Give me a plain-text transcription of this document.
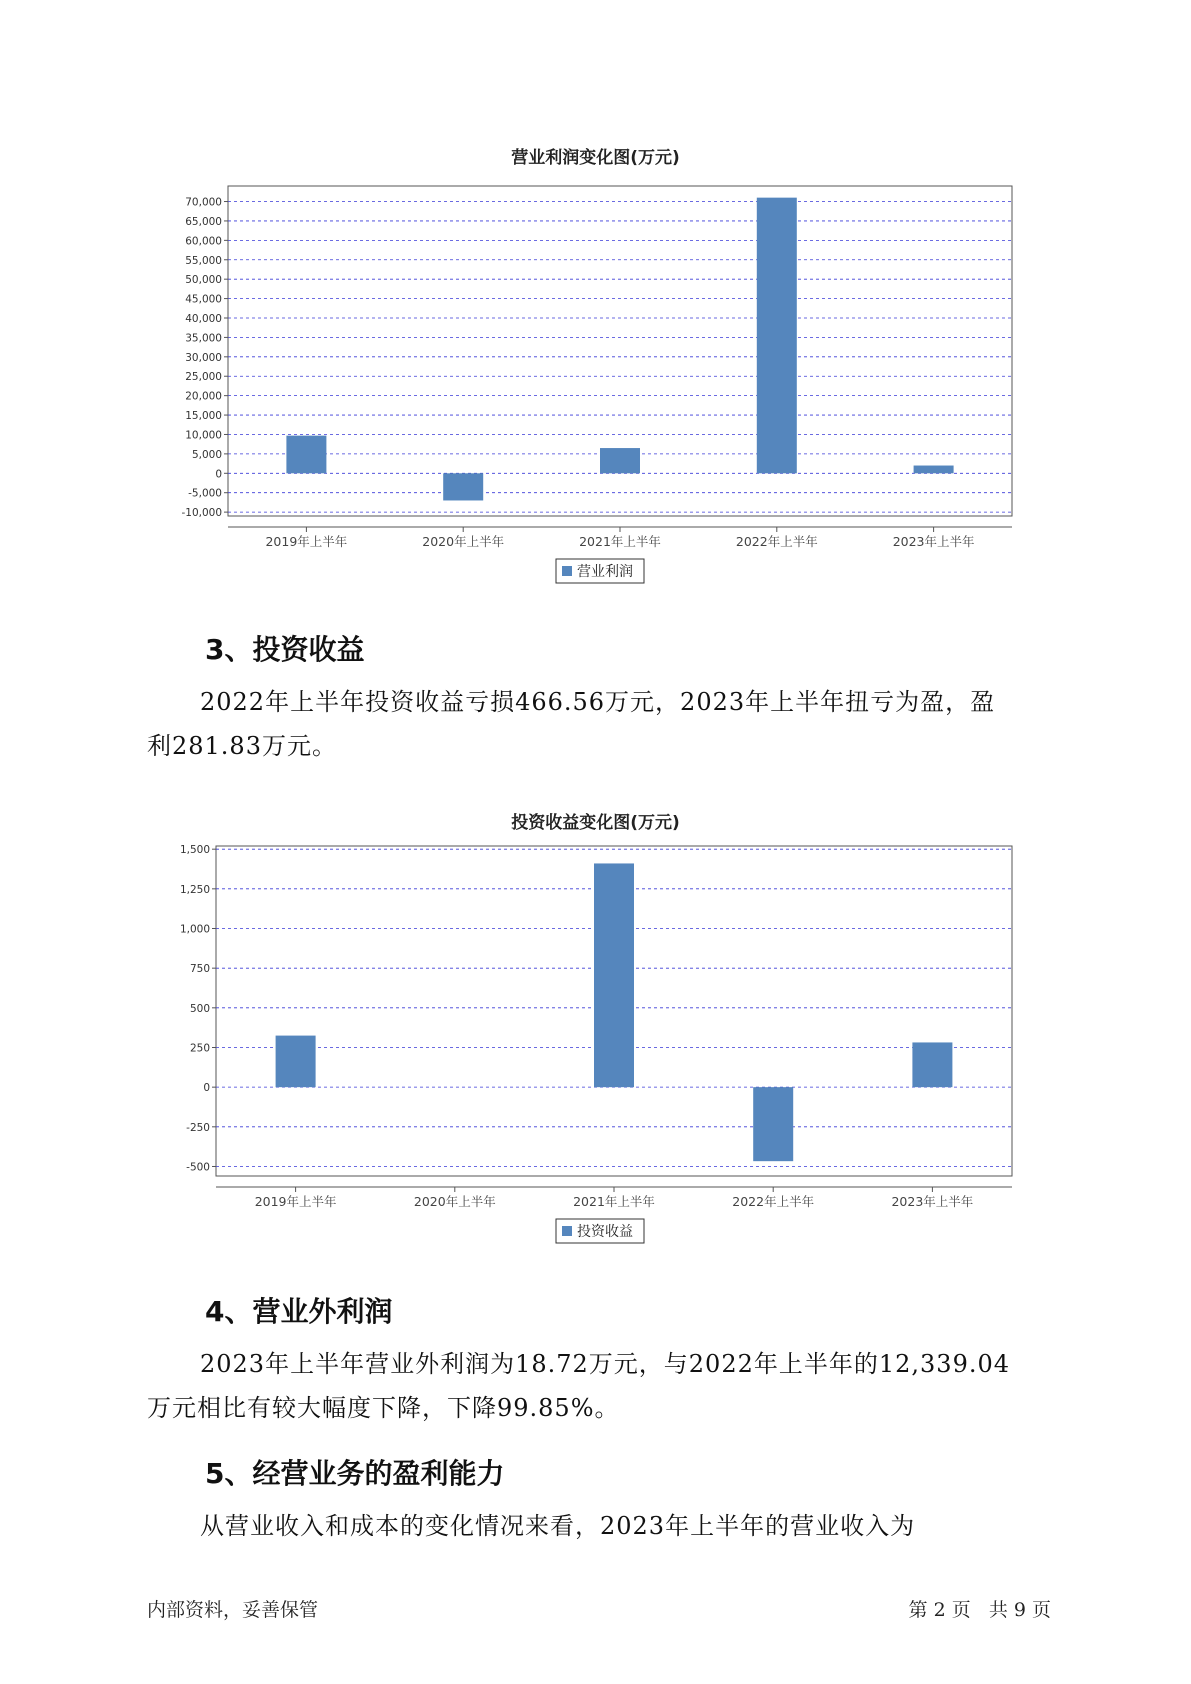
营业利润变化图(万元)
-10,000
-5,000
0
5,000
10,000
15,000
20,000
25,000
30,000
35,000
40,000
45,000
50,000
55,000
60,000
65,000
70,000
2019年上半年	2020年上半年	2021年上半年	2022年上半年	2023年上半年
营业利润
3、投资收益
2022年上半年投资收益亏损466.56万元，2023年上半年扭亏为盈，盈
利281.83万元。
投资收益变化图(万元)
-500
-250
0
250
500
750
1,000
1,250
1,500
2019年上半年	2020年上半年	2021年上半年	2022年上半年	2023年上半年
投资收益
4、营业外利润
2023年上半年营业外利润为18.72万元，与2022年上半年的12,339.04
万元相比有较大幅度下降，下降99.85%。
5、经营业务的盈利能力
从营业收入和成本的变化情况来看，2023年上半年的营业收入为
内部资料，妥善保管	第 2 页   共 9 页
